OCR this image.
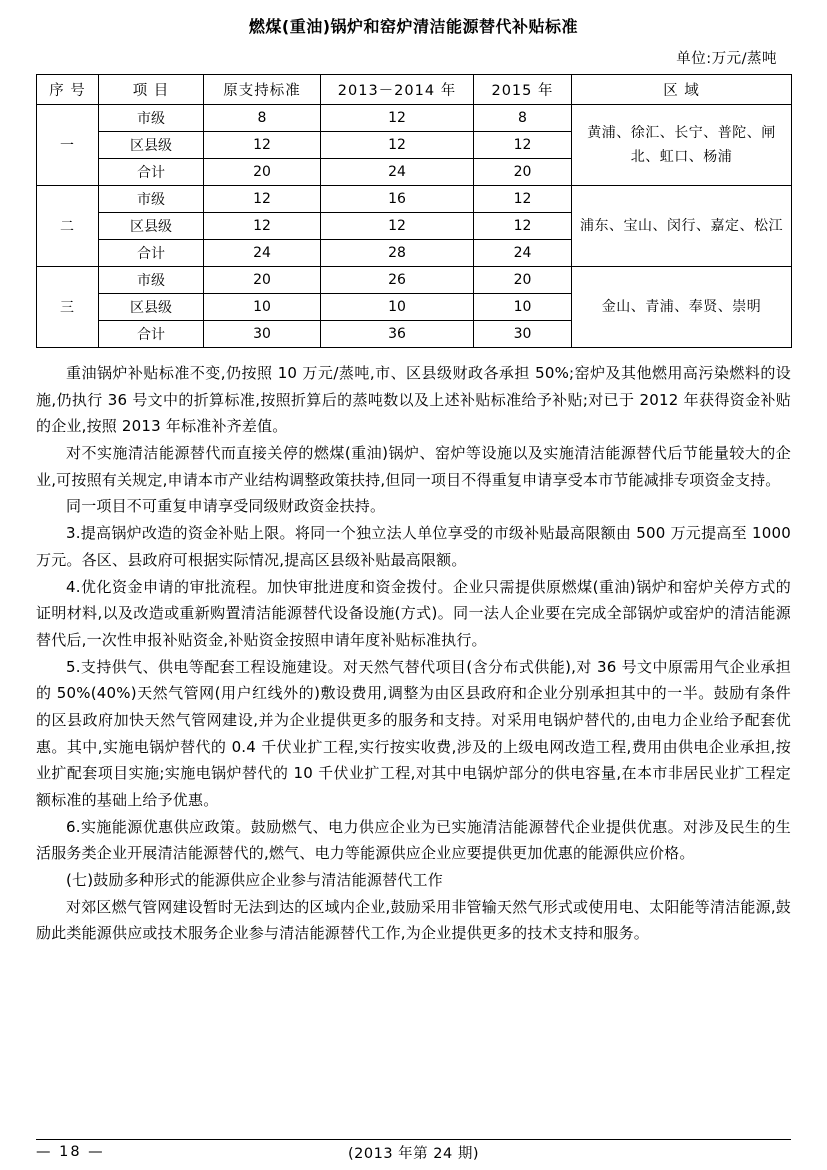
燃煤(重油)锅炉和窑炉清洁能源替代补贴标准
单位:万元/蒸吨
序 号	项 目	原支持标准	2013－2014 年	2015 年	区 域
一	市级	8	12	8	黄浦、徐汇、长宁、普陀、闸北、虹口、杨浦
	区县级	12	12	12	
	合计	20	24	20	
二	市级	12	16	12	浦东、宝山、闵行、嘉定、松江
	区县级	12	12	12	
	合计	24	28	24	
三	市级	20	26	20	金山、青浦、奉贤、崇明
	区县级	10	10	10	
	合计	30	36	30	

重油锅炉补贴标准不变,仍按照 10 万元/蒸吨,市、区县级财政各承担 50%;窑炉及其他燃用高污染燃料的设施,仍执行 36 号文中的折算标准,按照折算后的蒸吨数以及上述补贴标准给予补贴;对已于 2012 年获得资金补贴的企业,按照 2013 年标准补齐差值。

对不实施清洁能源替代而直接关停的燃煤(重油)锅炉、窑炉等设施以及实施清洁能源替代后节能量较大的企业,可按照有关规定,申请本市产业结构调整政策扶持,但同一项目不得重复申请享受本市节能减排专项资金支持。

同一项目不可重复申请享受同级财政资金扶持。

3.提高锅炉改造的资金补贴上限。将同一个独立法人单位享受的市级补贴最高限额由 500 万元提高至 1000 万元。各区、县政府可根据实际情况,提高区县级补贴最高限额。

4.优化资金申请的审批流程。加快审批进度和资金拨付。企业只需提供原燃煤(重油)锅炉和窑炉关停方式的证明材料,以及改造或重新购置清洁能源替代设备设施(方式)。同一法人企业要在完成全部锅炉或窑炉的清洁能源替代后,一次性申报补贴资金,补贴资金按照申请年度补贴标准执行。

5.支持供气、供电等配套工程设施建设。对天然气替代项目(含分布式供能),对 36 号文中原需用气企业承担的 50%(40%)天然气管网(用户红线外的)敷设费用,调整为由区县政府和企业分别承担其中的一半。鼓励有条件的区县政府加快天然气管网建设,并为企业提供更多的服务和支持。对采用电锅炉替代的,由电力企业给予配套优惠。其中,实施电锅炉替代的 0.4 千伏业扩工程,实行按实收费,涉及的上级电网改造工程,费用由供电企业承担,按业扩配套项目实施;实施电锅炉替代的 10 千伏业扩工程,对其中电锅炉部分的供电容量,在本市非居民业扩工程定额标准的基础上给予优惠。

6.实施能源优惠供应政策。鼓励燃气、电力供应企业为已实施清洁能源替代企业提供优惠。对涉及民生的生活服务类企业开展清洁能源替代的,燃气、电力等能源供应企业应要提供更加优惠的能源供应价格。

(七)鼓励多种形式的能源供应企业参与清洁能源替代工作

对郊区燃气管网建设暂时无法到达的区域内企业,鼓励采用非管输天然气形式或使用电、太阳能等清洁能源,鼓励此类能源供应或技术服务企业参与清洁能源替代工作,为企业提供更多的技术支持和服务。

— 18 —	(2013 年第 24 期)
